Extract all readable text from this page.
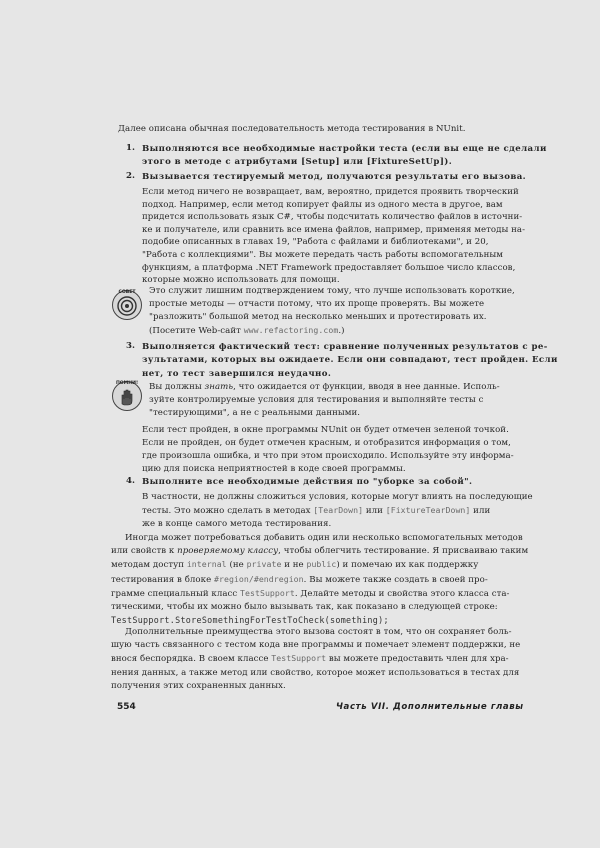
Далее описана обычная последовательность метода тестирования в NUnit.
1. Выполняются все необходимые настройки теста (если вы еще не сделали
этого в методе с атрибутами [Setup] или [FixtureSetUp]).
2. Вызывается тестируемый метод, получаются результаты его вызова.
Если метод ничего не возвращает, вам, вероятно, придется проявить творческий
подход. Например, если метод копирует файлы из одного места в другое, вам
придется использовать язык C#, чтобы подсчитать количество файлов в источни-
ке и получателе, или сравнить все имена файлов, например, применяя методы на-
подобие описанных в главах 19, "Работа с файлами и библиотеками", и 20,
"Работа с коллекциями". Вы можете передать часть работы вспомогательным
функциям, а платформа .NET Framework предоставляет большое число классов,
которые можно использовать для помощи.
СОВЕТ	Это служит лишним подтверждением тому, что лучше использовать короткие,
простые методы — отчасти потому, что их проще проверять. Вы можете
"разложить" большой метод на несколько меньших и протестировать их.
(Посетите Web-сайт www.refactoring.com.)
3. Выполняется фактический тест: сравнение полученных результатов с ре-
зультатами, которых вы ожидаете. Если они совпадают, тест пройден. Если
нет, то тест завершился неудачно.
ПОМНИ!	Вы должны знать, что ожидается от функции, вводя в нее данные. Исполь-
зуйте контролируемые условия для тестирования и выполняйте тесты с
"тестирующими", а не с реальными данными.
Если тест пройден, в окне программы NUnit он будет отмечен зеленой точкой.
Если не пройден, он будет отмечен красным, и отобразится информация о том,
где произошла ошибка, и что при этом происходило. Используйте эту информа-
цию для поиска неприятностей в коде своей программы.
4. Выполните все необходимые действия по "уборке за собой".
В частности, не должны сложиться условия, которые могут влиять на последующие
тесты. Это можно сделать в методах [TearDown] или [FixtureTearDown] или
же в конце самого метода тестирования.
Иногда может потребоваться добавить один или несколько вспомогательных методов
или свойств к проверяемому классу, чтобы облегчить тестирование. Я присваиваю таким
методам доступ internal (не private и не public) и помечаю их как поддержку
тестирования в блоке #region/#endregion. Вы можете также создать в своей про-
грамме специальный класс TestSupport. Делайте методы и свойства этого класса ста-
тическими, чтобы их можно было вызывать так, как показано в следующей строке:
TestSupport.StoreSomethingForTestToCheck(something);
Дополнительные преимущества этого вызова состоят в том, что он сохраняет боль-
шую часть связанного с тестом кода вне программы и помечает элемент поддержки, не
внося беспорядка. В своем классе TestSupport вы можете предоставить член для хра-
нения данных, а также метод или свойство, которое может использоваться в тестах для
получения этих сохраненных данных.
554	Часть VII. Дополнительные главы
